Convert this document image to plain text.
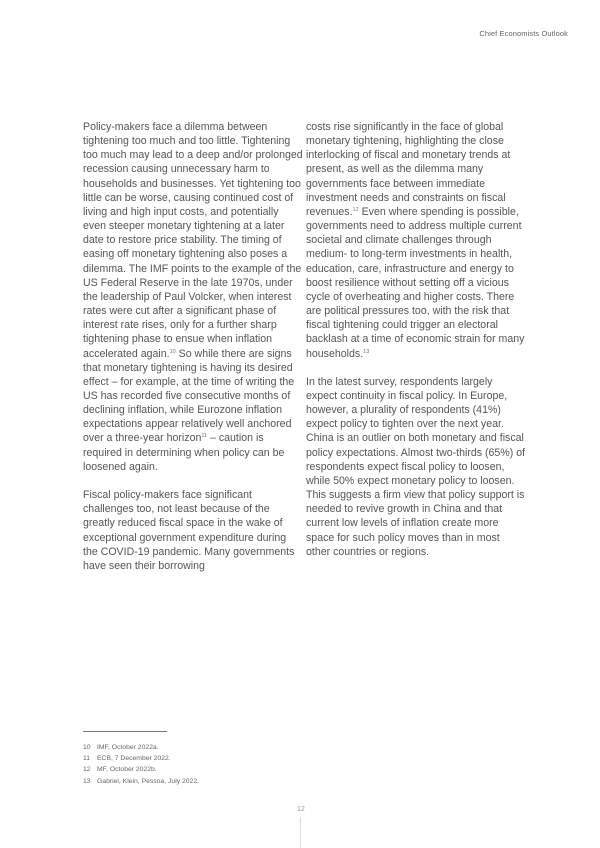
Chief Economists Outlook

Policy-makers face a dilemma between tightening too much and too little. Tightening too much may lead to a deep and/or prolonged recession causing unnecessary harm to households and businesses. Yet tightening too little can be worse, causing continued cost of living and high input costs, and potentially even steeper monetary tightening at a later date to restore price stability. The timing of easing off monetary tightening also poses a dilemma. The IMF points to the example of the US Federal Reserve in the late 1970s, under the leadership of Paul Volcker, when interest rates were cut after a significant phase of interest rate rises, only for a further sharp tightening phase to ensue when inflation accelerated again.$^{10}$ So while there are signs that monetary tightening is having its desired effect – for example, at the time of writing the US has recorded five consecutive months of declining inflation, while Eurozone inflation expectations appear relatively well anchored over a three-year horizon$^{11}$ – caution is required in determining when policy can be loosened again.

Fiscal policy-makers face significant challenges too, not least because of the greatly reduced fiscal space in the wake of exceptional government expenditure during the COVID-19 pandemic. Many governments have seen their borrowing

costs rise significantly in the face of global monetary tightening, highlighting the close interlocking of fiscal and monetary trends at present, as well as the dilemma many governments face between immediate investment needs and constraints on fiscal revenues.$^{12}$ Even where spending is possible, governments need to address multiple current societal and climate challenges through medium- to long-term investments in health, education, care, infrastructure and energy to boost resilience without setting off a vicious cycle of overheating and higher costs. There are political pressures too, with the risk that fiscal tightening could trigger an electoral backlash at a time of economic strain for many households.$^{13}$

In the latest survey, respondents largely expect continuity in fiscal policy. In Europe, however, a plurality of respondents (41%) expect policy to tighten over the next year. China is an outlier on both monetary and fiscal policy expectations. Almost two-thirds (65%) of respondents expect fiscal policy to loosen, while 50% expect monetary policy to loosen. This suggests a firm view that policy support is needed to revive growth in China and that current low levels of inflation create more space for such policy moves than in most other countries or regions.

10 IMF, October 2022a.
11	ECB, 7 December 2022.
12 MF, October 2022b.
13 Gabriel, Klein, Pessoa, July 2022.
12
